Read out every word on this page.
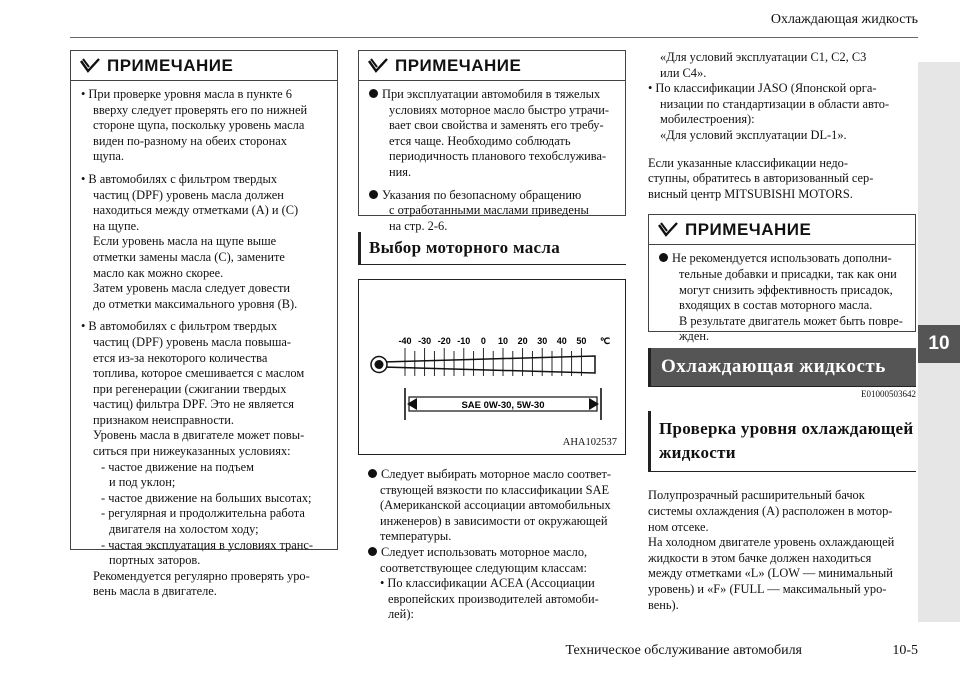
Охлаждающая жидкость
10
ПРИМЕЧАНИЕ

• При проверке уровня масла в пункте 6
вверху следует проверять его по нижней
стороне щупа, поскольку уровень масла
виден по-разному на обеих сторонах
щупа.

• В автомобилях с фильтром твердых
частиц (DPF) уровень масла должен
находиться между отметками (A) и (C)
на щупе.
Если уровень масла на щупе выше
отметки замены масла (C), замените
масло как можно скорее.
Затем уровень масла следует довести
до отметки максимального уровня (B).

• В автомобилях с фильтром твердых
частиц (DPF) уровень масла повыша-
ется из-за некоторого количества
топлива, которое смешивается с маслом
при регенерации (сжигании твердых
частиц) фильтра DPF. Это не является
признаком неисправности.
Уровень масла в двигателе может повы-
ситься при нижеуказанных условиях:
- частое движение на подъем
и под уклон;
- частое движение на больших высотах;
- регулярная и продолжительна работа
двигателя на холостом ходу;
- частая эксплуатация в условиях транс-
портных заторов.
Рекомендуется регулярно проверять уро-
вень масла в двигателе.

ПРИМЕЧАНИЕ

При эксплуатации автомобиля в тяжелых

условиях моторное масло быстро утрачи-
вает свои свойства и заменять его требу-
ется чаще. Необходимо соблюдать
периодичность планового техобслужива-
ния.

Указания по безопасному обращению

с отработанными маслами приведены
на стр. 2-6.

Выбор моторного масла
-40 -30 -20 -10 0 10 20 30 40 50 ℃
SAE 0W-30, 5W-30
AHA102537
Следует выбирать моторное масло соответ-

ствующей вязкости по классификации SAE
(Американской ассоциации автомобильных
инженеров) в зависимости от окружающей
температуры.
Следует использовать моторное масло,

соответствующее следующим классам:
• По классификации ACEA (Ассоциации
европейских производителей автомоби-
лей):
«Для условий эксплуатации C1, C2, C3
или C4».
• По классификации JASO (Японской орга-
низации по стандартизации в области авто-
мобилестроения):
«Для условий эксплуатации DL-1».
Если указанные классификации недо-
ступны, обратитесь в авторизованный сер-
висный центр MITSUBISHI MOTORS.
ПРИМЕЧАНИЕ

Не рекомендуется использовать дополни-

тельные добавки и присадки, так как они
могут снизить эффективность присадок,
входящих в состав моторного масла.
В результате двигатель может быть повре-
жден.

Охлаждающая жидкость
E01000503642
Проверка уровня охлаждающей
жидкости
Полупрозрачный расширительный бачок
системы охлаждения (A) расположен в мотор-
ном отсеке.
На холодном двигателе уровень охлаждающей
жидкости в этом бачке должен находиться
между отметками «L» (LOW — минимальный
уровень) и «F» (FULL — максимальный уро-
вень).
Техническое обслуживание автомобиля	10-5
